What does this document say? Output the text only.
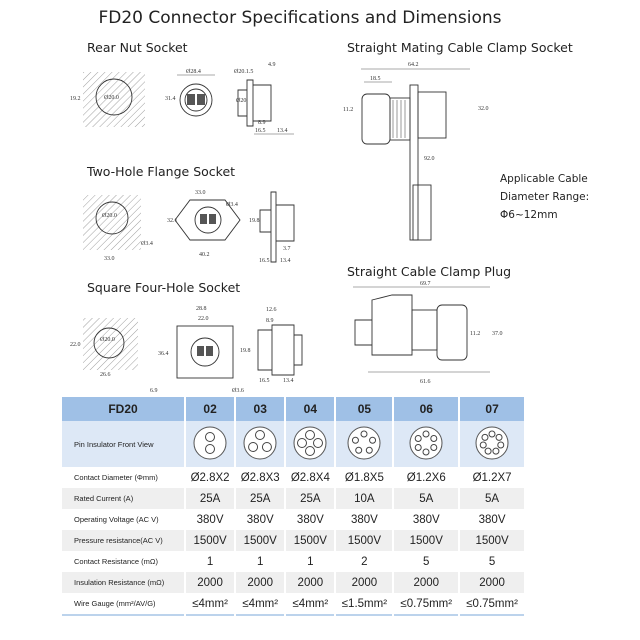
FD20 Connector Specifications and Dimensions
Rear Nut Socket
Two-Hole Flange Socket
Square Four-Hole Socket
Straight Mating Cable Clamp Socket
Straight Cable Clamp Plug
Applicable Cable
Diameter Range:
Φ6~12mm
Ø20.0
19.2
Ø28.4
31.4
Ø20.1.5
4.9
Ø20
8.9
16.5 13.4
Ø20.0
Ø3.4
33.0
33.0
Ø3.4
32.1
40.2
19.8
3.7
16.5 13.4
Ø20.0
22.0
26.6
28.8
22.0
36.4
6.9	Ø3.6
12.6
8.9
19.8
16.5 13.4
64.2
18.5
11.2	32.0
92.0
69.7
11.2 37.0
61.6
FD20	02	03	04	05	06	07
Pin Insulator Front View						
Contact Diameter (Φmm)	Ø2.8X2	Ø2.8X3	Ø2.8X4	Ø1.8X5	Ø1.2X6	Ø1.2X7
Rated Current (A)	25A	25A	25A	10A	5A	5A
Operating Voltage (AC V)	380V	380V	380V	380V	380V	380V
Pressure resistance(AC V)	1500V	1500V	1500V	1500V	1500V	1500V
Contact Resistance (mΩ)	1	1	1	2	5	5
Insulation Resistance (mΩ)	2000	2000	2000	2000	2000	2000
Wire Gauge (mm²/AV/G)	≤4mm²	≤4mm²	≤4mm²	≤1.5mm²	≤0.75mm²	≤0.75mm²
